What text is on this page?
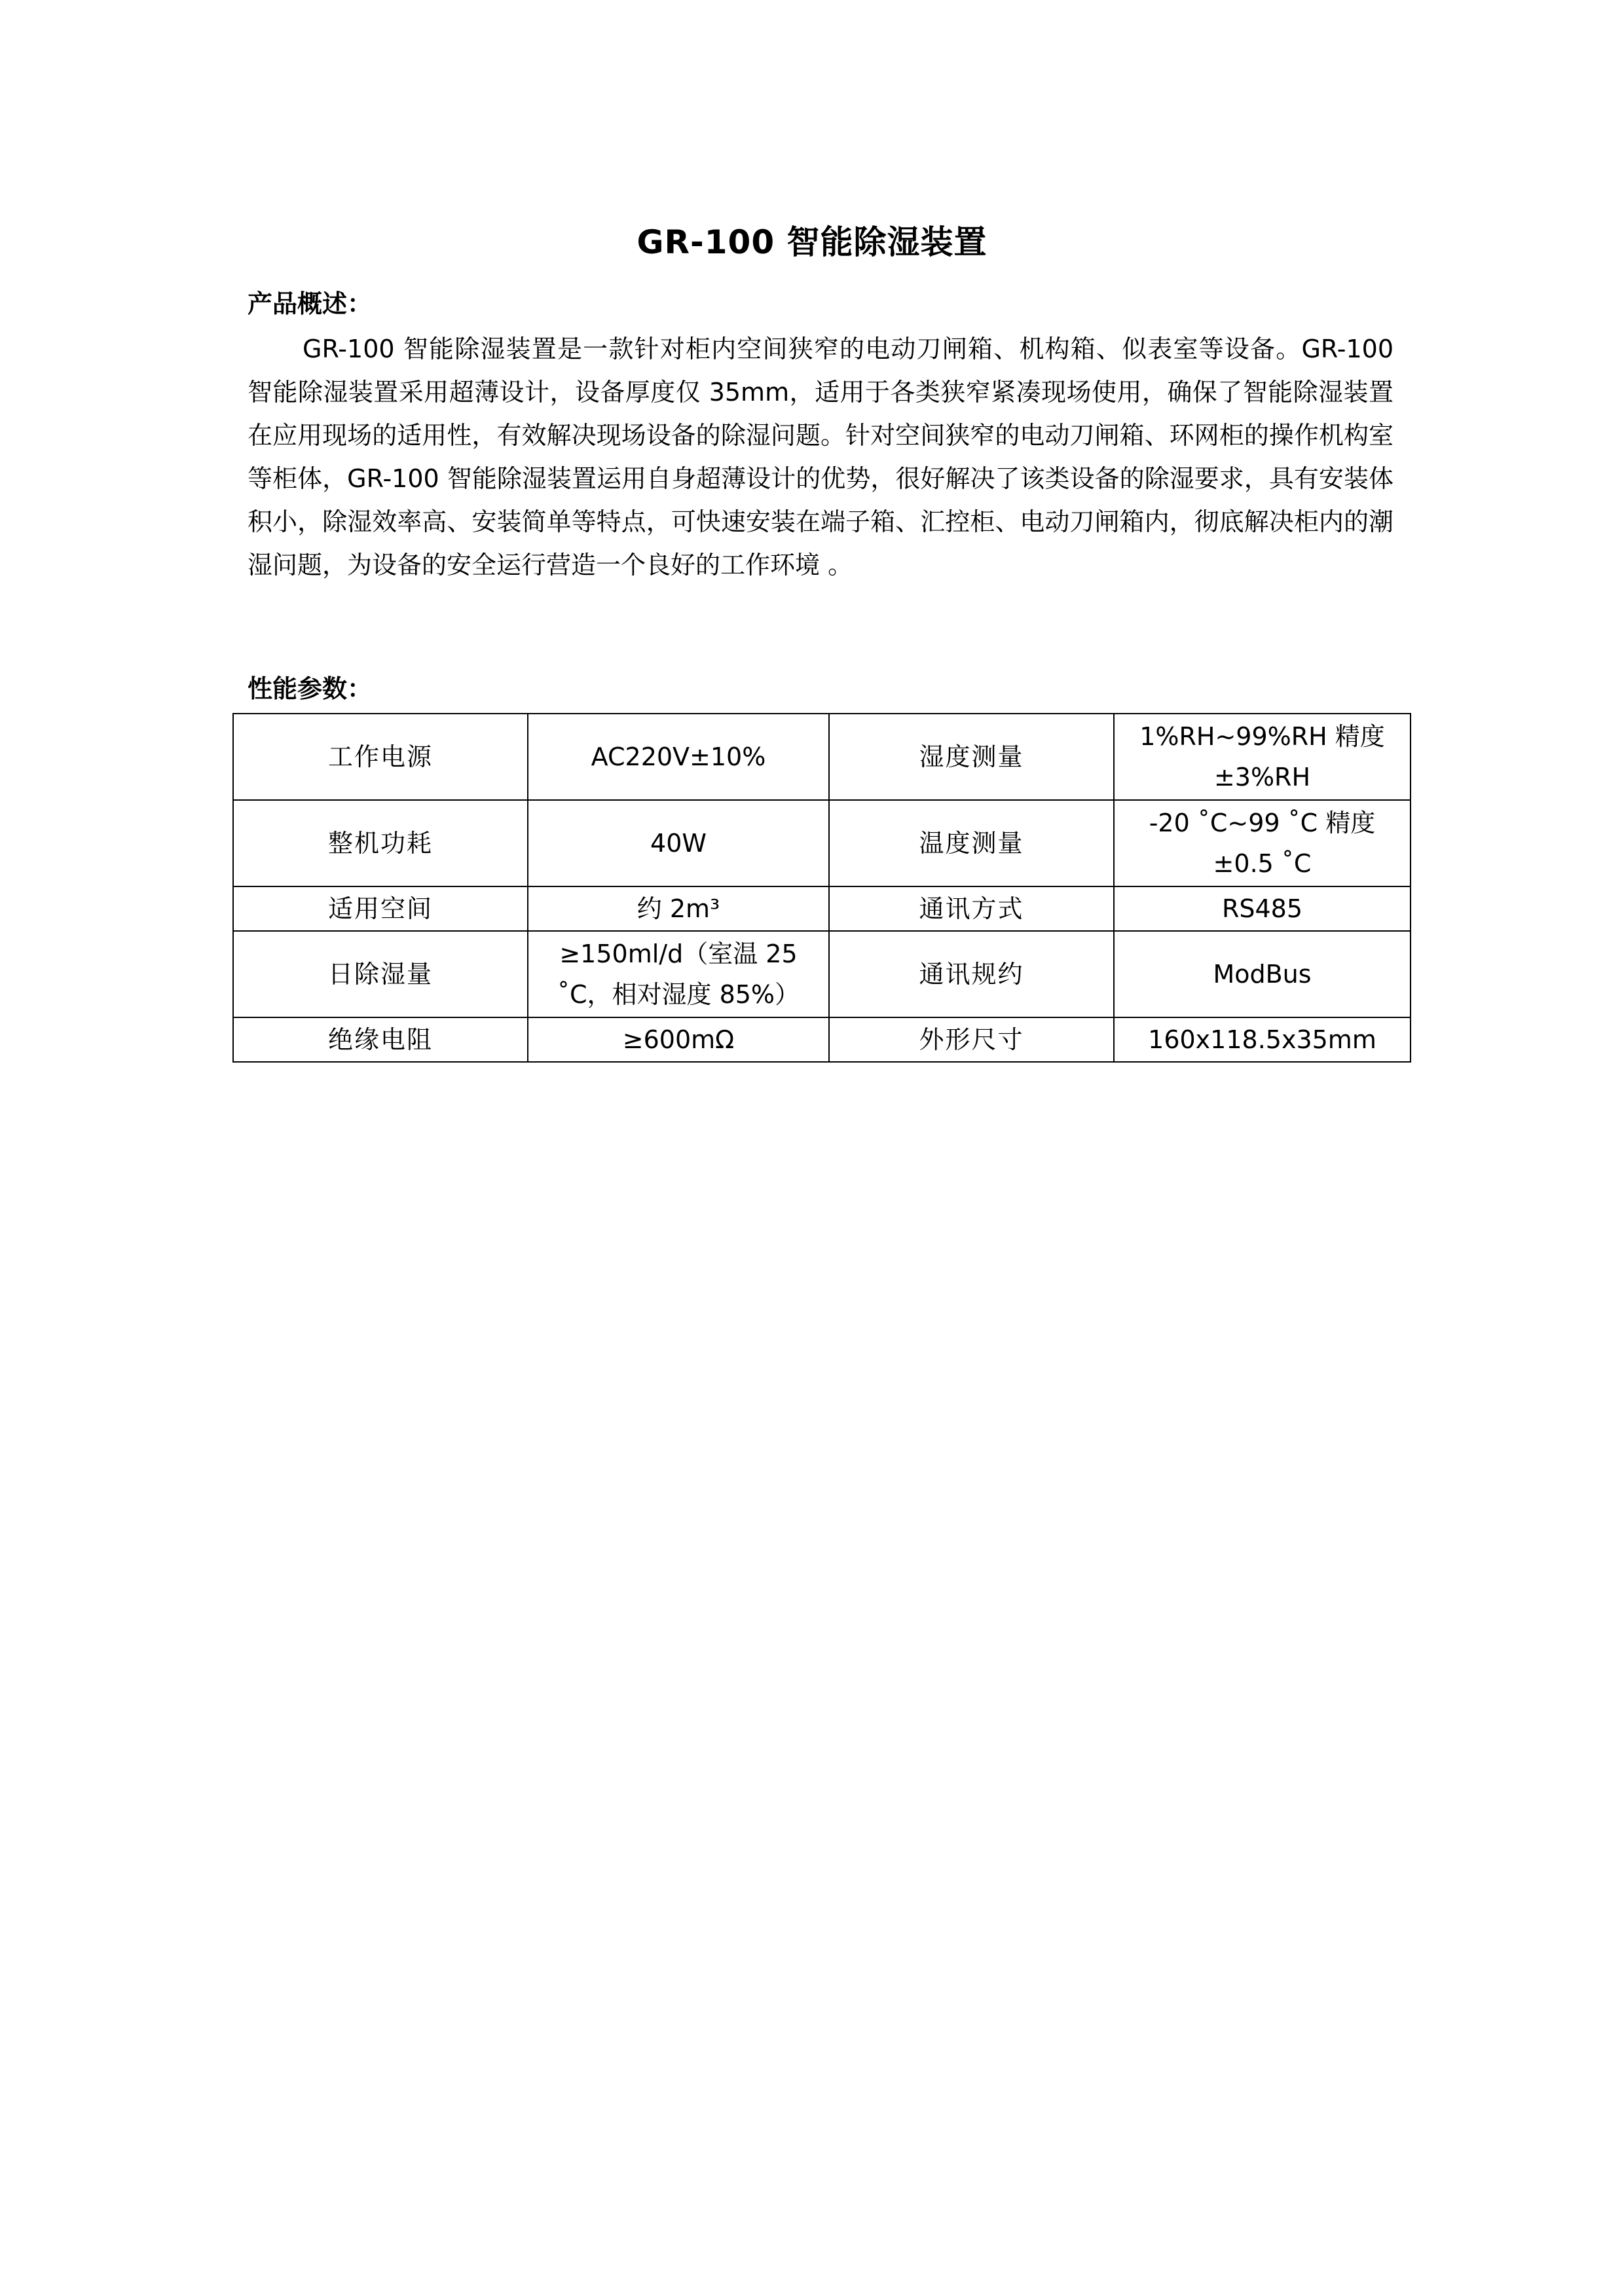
GR-100 智能除湿装置
产品概述：

GR-100 智能除湿装置是一款针对柜内空间狭窄的电动刀闸箱、机构箱、似表室等设备。GR-100 智能除湿装置采用超薄设计，设备厚度仅 35mm，适用于各类狭窄紧凑现场使用，确保了智能除湿装置在应用现场的适用性，有效解决现场设备的除湿问题。针对空间狭窄的电动刀闸箱、环网柜的操作机构室等柜体，GR-100 智能除湿装置运用自身超薄设计的优势，很好解决了该类设备的除湿要求，具有安装体积小，除湿效率高、安装简单等特点，可快速安装在端子箱、汇控柜、电动刀闸箱内，彻底解决柜内的潮湿问题，为设备的安全运行营造一个良好的工作环境 。

性能参数：
工作电源	AC220V±10%	湿度测量	1%RH~99%RH 精度±3%RH
整机功耗	40W	温度测量	-20 ˚C~99 ˚C 精度±0.5 ˚C
适用空间	约 2m³	通讯方式	RS485
日除湿量	≥150ml/d（室温 25 ˚C，相对湿度 85%）	通讯规约	ModBus
绝缘电阻	≥600mΩ	外形尺寸	160x118.5x35mm
